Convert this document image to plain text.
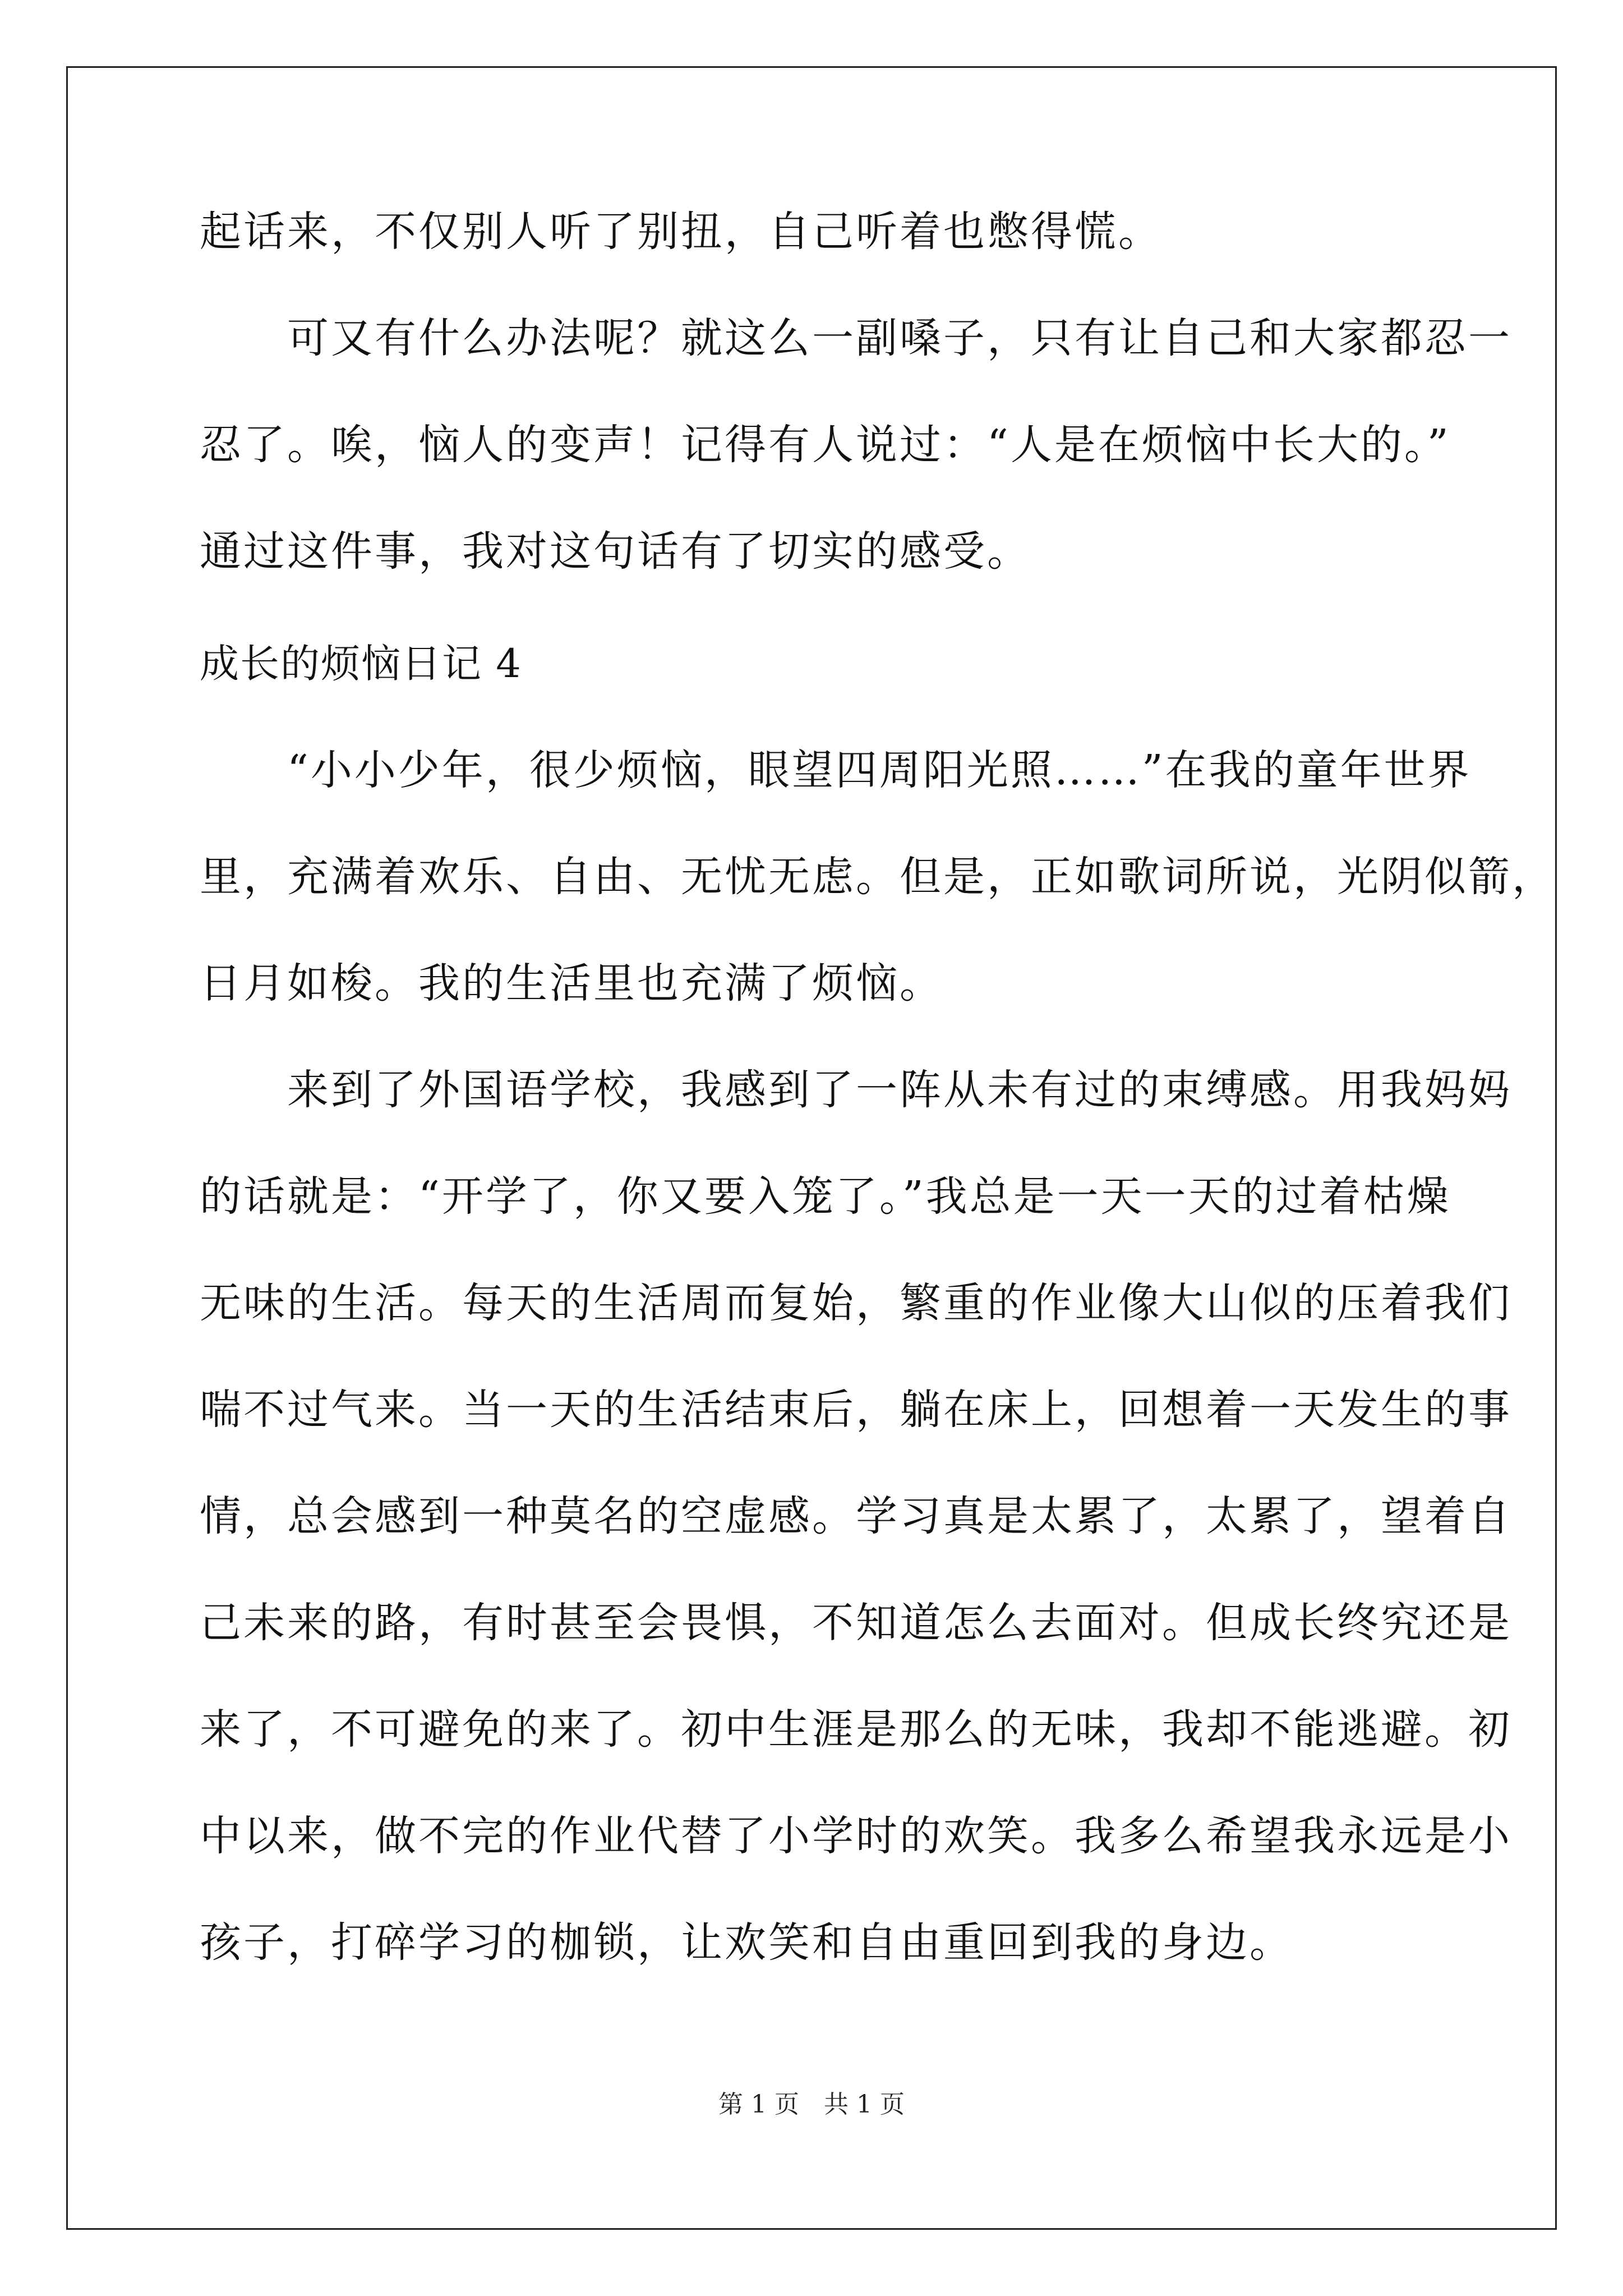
起话来，不仅别人听了别扭，自己听着也憋得慌。
　　可又有什么办法呢？就这么一副嗓子，只有让自己和大家都忍一
忍了。唉，恼人的变声！记得有人说过：“人是在烦恼中长大的。”
通过这件事，我对这句话有了切实的感受。
成长的烦恼日记 4
　　“小小少年，很少烦恼，眼望四周阳光照……”在我的童年世界
里，充满着欢乐、自由、无忧无虑。但是，正如歌词所说，光阴似箭，
日月如梭。我的生活里也充满了烦恼。
　　来到了外国语学校，我感到了一阵从未有过的束缚感。用我妈妈
的话就是：“开学了，你又要入笼了。”我总是一天一天的过着枯燥
无味的生活。每天的生活周而复始，繁重的作业像大山似的压着我们
喘不过气来。当一天的生活结束后，躺在床上，回想着一天发生的事
情，总会感到一种莫名的空虚感。学习真是太累了，太累了，望着自
己未来的路，有时甚至会畏惧，不知道怎么去面对。但成长终究还是
来了，不可避免的来了。初中生涯是那么的无味，我却不能逃避。初
中以来，做不完的作业代替了小学时的欢笑。我多么希望我永远是小
孩子，打碎学习的枷锁，让欢笑和自由重回到我的身边。
第 1 页　共 1 页
